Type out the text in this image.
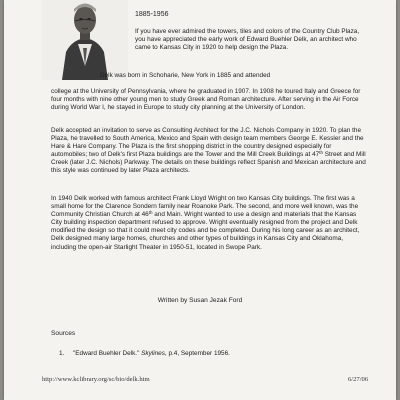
1885-1956
If you have ever admired the towers, tiles and colors of the Country Club Plaza, you have appreciated the early work of Edward Buehler Delk, an architect who came to Kansas City in 1920 to help design the Plaza.
Delk was born in Schoharie, New York in 1885 and attended
college at the University of Pennsylvania, where he graduated in 1907. In 1908 he toured Italy and Greece for four months with nine other young men to study Greek and Roman architecture. After serving in the Air Force during World War I, he stayed in Europe to study city planning at the University of London.
Delk accepted an invitation to serve as Consulting Architect for the J.C. Nichols Company in 1920. To plan the Plaza, he travelled to South America, Mexico and Spain with design team members George E. Kessler and the Hare & Hare Company. The Plaza is the first shopping district in the country designed especially for automobiles; two of Delk's first Plaza buildings are the Tower and the Mill Creek Buildings at 47th Street and Mill Creek (later J.C. Nichols) Parkway. The details on these buildings reflect Spanish and Mexican architecture and this style was continued by later Plaza architects.
In 1940 Delk worked with famous architect Frank Lloyd Wright on two Kansas City buildings. The first was a small home for the Clarence Sondern family near Roanoke Park. The second, and more well known, was the Community Christian Church at 46th and Main. Wright wanted to use a design and materials that the Kansas City building inspection department refused to approve. Wright eventually resigned from the project and Delk modified the design so that it could meet city codes and be completed. During his long career as an architect, Delk designed many large homes, churches and other types of buildings in Kansas City and Oklahoma, including the open-air Starlight Theater in 1950-51, located in Swope Park.
Written by Susan Jezak Ford
Sources
1. "Edward Buehler Delk." Skylines, p.4, September 1956.
http://www.kclibrary.org/sc/bio/delk.htm	6/27/06
